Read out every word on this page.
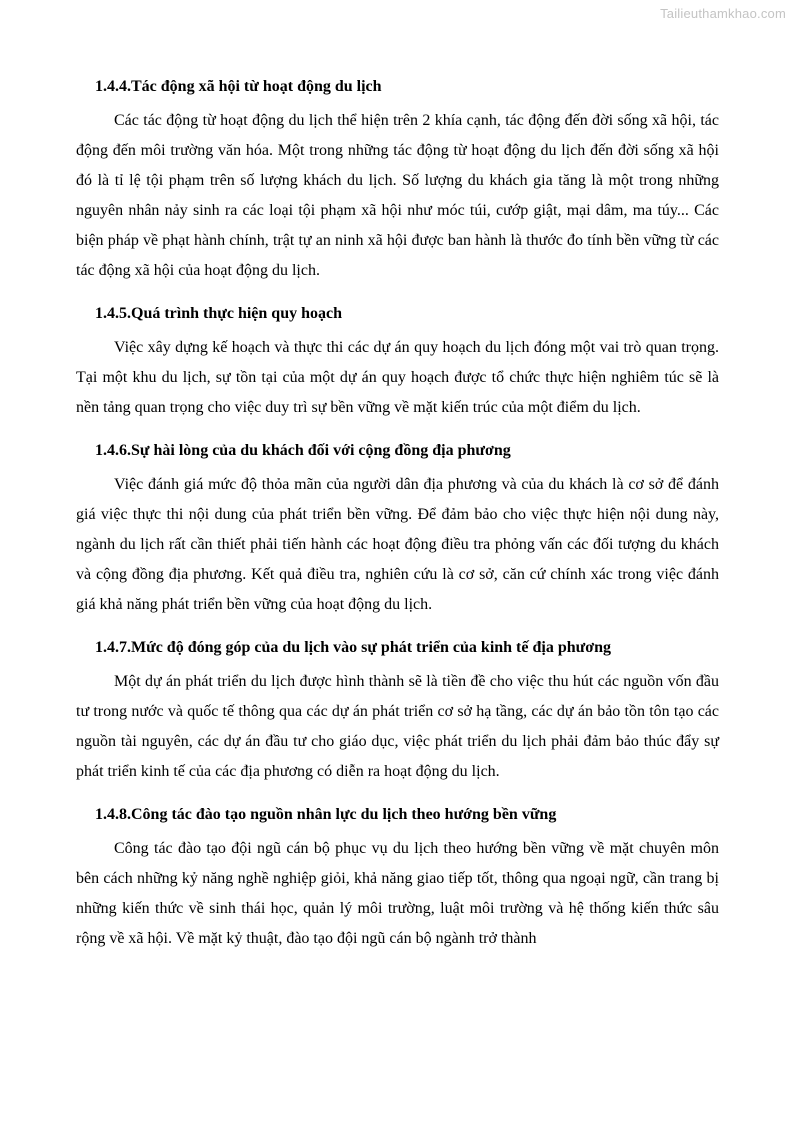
Tailieuthamkhao.com
1.4.4.Tác động xã hội từ hoạt động du lịch

Các tác động từ hoạt động du lịch thể hiện trên 2 khía cạnh, tác động đến đời sống xã hội, tác động đến môi trường văn hóa. Một trong những tác động từ hoạt động du lịch đến đời sống xã hội đó là tỉ lệ tội phạm trên số lượng khách du lịch. Số lượng du khách gia tăng là một trong những nguyên nhân nảy sinh ra các loại tội phạm xã hội như móc túi, cướp giật, mại dâm, ma túy... Các biện pháp về phạt hành chính, trật tự an ninh xã hội được ban hành là thước đo tính bền vững từ các tác động xã hội của hoạt động du lịch.

1.4.5.Quá trình thực hiện quy hoạch

Việc xây dựng kế hoạch và thực thi các dự án quy hoạch du lịch đóng một vai trò quan trọng. Tại một khu du lịch, sự tồn tại của một dự án quy hoạch được tổ chức thực hiện nghiêm túc sẽ là nền tảng quan trọng cho việc duy trì sự bền vững về mặt kiến trúc của một điểm du lịch.

1.4.6.Sự hài lòng của du khách đối với cộng đồng địa phương

Việc đánh giá mức độ thỏa mãn của người dân địa phương và của du khách là cơ sở để đánh giá việc thực thi nội dung của phát triển bền vững. Để đảm bảo cho việc thực hiện nội dung này, ngành du lịch rất cần thiết phải tiến hành các hoạt động điều tra phỏng vấn các đối tượng du khách và cộng đồng địa phương. Kết quả điều tra, nghiên cứu là cơ sở, căn cứ chính xác trong việc đánh giá khả năng phát triển bền vững của hoạt động du lịch.

1.4.7.Mức độ đóng góp của du lịch vào sự phát triển của kinh tế địa phương

Một dự án phát triển du lịch được hình thành sẽ là tiền đề cho việc thu hút các nguồn vốn đầu tư trong nước và quốc tế thông qua các dự án phát triển cơ sở hạ tầng, các dự án bảo tồn tôn tạo các nguồn tài nguyên, các dự án đầu tư cho giáo dục, việc phát triển du lịch phải đảm bảo thúc đẩy sự phát triển kinh tế của các địa phương có diễn ra hoạt động du lịch.

1.4.8.Công tác đào tạo nguồn nhân lực du lịch theo hướng bền vững

Công tác đào tạo đội ngũ cán bộ phục vụ du lịch theo hướng bền vững về mặt chuyên môn bên cách những kỷ năng nghề nghiệp giỏi, khả năng giao tiếp tốt, thông qua ngoại ngữ, cần trang bị những kiến thức về sinh thái học, quản lý môi trường, luật môi trường và hệ thống kiến thức sâu rộng về xã hội. Về mặt kỷ thuật, đào tạo đội ngũ cán bộ ngành trở thành
